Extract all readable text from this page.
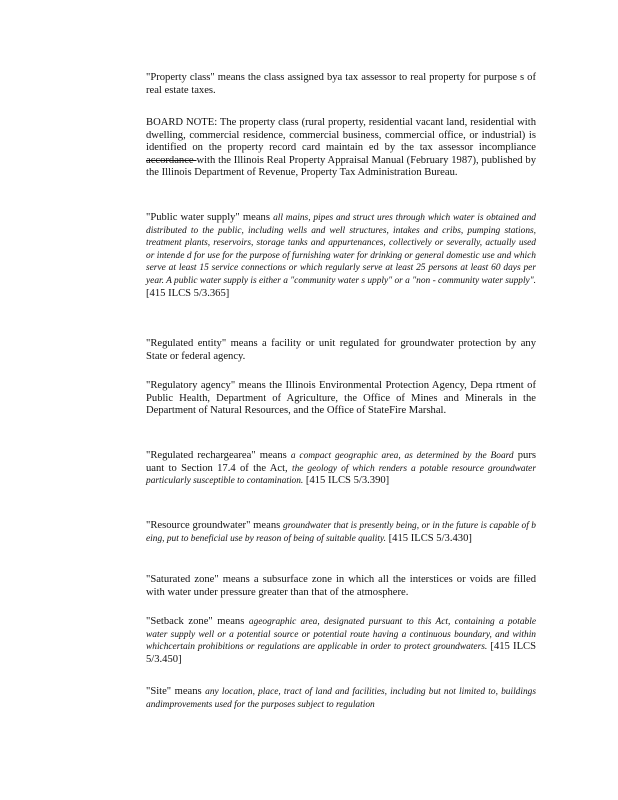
"Property class" means the class assigned bya tax assessor to real property for purpose s of real estate taxes.
BOARD NOTE: The property class (rural property, residential vacant land, residential with dwelling, commercial residence, commercial business, commercial office, or industrial) is identified on the property record card maintain ed by the tax assessor incompliance accordance with the Illinois Real Property Appraisal Manual (February 1987), published by the Illinois Department of Revenue, Property Tax Administration Bureau.
"Public water supply" means all mains, pipes and struct ures through which water is obtained and distributed to the public, including wells and well structures, intakes and cribs, pumping stations, treatment plants, reservoirs, storage tanks and appurtenances, collectively or severally, actually used or intende d for use for the purpose of furnishing water for drinking or general domestic use and which serve at least 15 service connections or which regularly serve at least 25 persons at least 60 days per year. A public water supply is either a "community water s upply" or a "non - community water supply". [415 ILCS 5/3.365]
"Regulated entity" means a facility or unit regulated for groundwater protection by any State or federal agency.
"Regulatory agency" means the Illinois Environmental Protection Agency, Depa rtment of Public Health, Department of Agriculture, the Office of Mines and Minerals in the Department of Natural Resources, and the Office of StateFire Marshal.
"Regulated rechargearea" means a compact geographic area, as determined by the Board purs uant to Section 17.4 of the Act, the geology of which renders a potable resource groundwater particularly susceptible to contamination. [415 ILCS 5/3.390]
"Resource groundwater" means groundwater that is presently being, or in the future is capable of b eing, put to beneficial use by reason of being of suitable quality. [415 ILCS 5/3.430]
"Saturated zone" means a subsurface zone in which all the interstices or voids are filled with water under pressure greater than that of the atmosphere.
"Setback zone" means ageographic area, designated pursuant to this Act, containing a potable water supply well or a potential source or potential route having a continuous boundary, and within whichcertain prohibitions or regulations are applicable in order to protect groundwaters. [415 ILCS 5/3.450]
"Site" means any location, place, tract of land and facilities, including but not limited to, buildings andimprovements used for the purposes subject to regulation
